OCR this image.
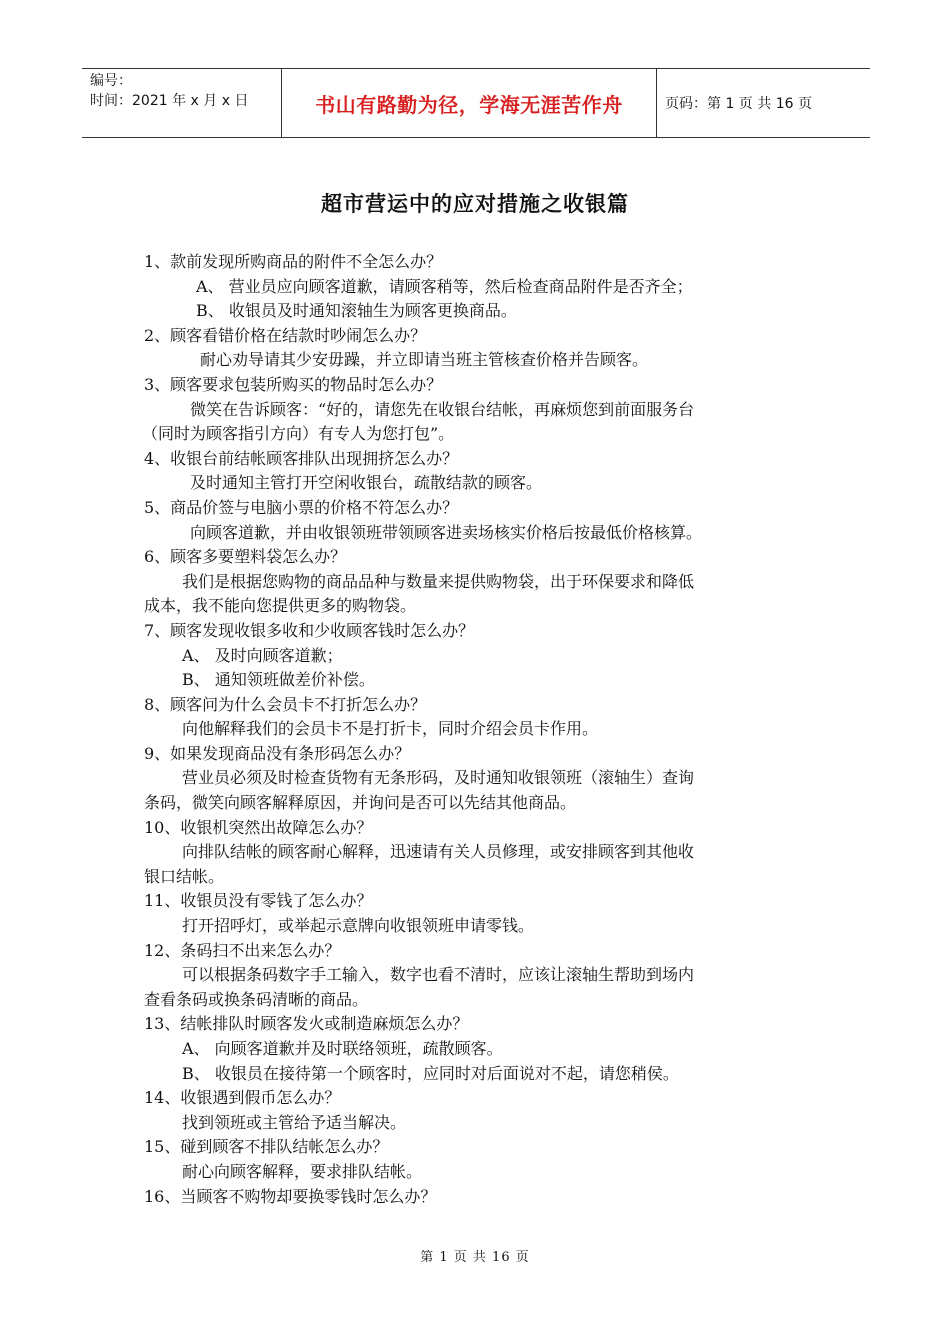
编号：
时间：2021 年 x 月 x 日	书山有路勤为径，学海无涯苦作舟	页码：第 1 页 共 16 页
超市营运中的应对措施之收银篇

1、款前发现所购商品的附件不全怎么办？

A、 营业员应向顾客道歉，请顾客稍等，然后检查商品附件是否齐全；

B、 收银员及时通知滚轴生为顾客更换商品。

2、顾客看错价格在结款时吵闹怎么办？

耐心劝导请其少安毋躁，并立即请当班主管核查价格并告顾客。

3、顾客要求包装所购买的物品时怎么办？

微笑在告诉顾客：“好的，请您先在收银台结帐，再麻烦您到前面服务台

（同时为顾客指引方向）有专人为您打包”。

4、收银台前结帐顾客排队出现拥挤怎么办？

及时通知主管打开空闲收银台，疏散结款的顾客。

5、商品价签与电脑小票的价格不符怎么办？

向顾客道歉，并由收银领班带领顾客进卖场核实价格后按最低价格核算。

6、顾客多要塑料袋怎么办？

我们是根据您购物的商品品种与数量来提供购物袋，出于环保要求和降低

成本，我不能向您提供更多的购物袋。

7、顾客发现收银多收和少收顾客钱时怎么办？

A、 及时向顾客道歉；

B、 通知领班做差价补偿。

8、顾客问为什么会员卡不打折怎么办？

向他解释我们的会员卡不是打折卡，同时介绍会员卡作用。

9、如果发现商品没有条形码怎么办？

营业员必须及时检查货物有无条形码，及时通知收银领班（滚轴生）查询

条码，微笑向顾客解释原因，并询问是否可以先结其他商品。

10、收银机突然出故障怎么办？

向排队结帐的顾客耐心解释，迅速请有关人员修理，或安排顾客到其他收

银口结帐。

11、收银员没有零钱了怎么办？

打开招呼灯，或举起示意牌向收银领班申请零钱。

12、条码扫不出来怎么办？

可以根据条码数字手工输入，数字也看不清时，应该让滚轴生帮助到场内

查看条码或换条码清晰的商品。

13、结帐排队时顾客发火或制造麻烦怎么办？

A、 向顾客道歉并及时联络领班，疏散顾客。

B、 收银员在接待第一个顾客时，应同时对后面说对不起，请您稍侯。

14、收银遇到假币怎么办？

找到领班或主管给予适当解决。

15、碰到顾客不排队结帐怎么办？

耐心向顾客解释，要求排队结帐。

16、当顾客不购物却要换零钱时怎么办？

第 1 页 共 16 页
